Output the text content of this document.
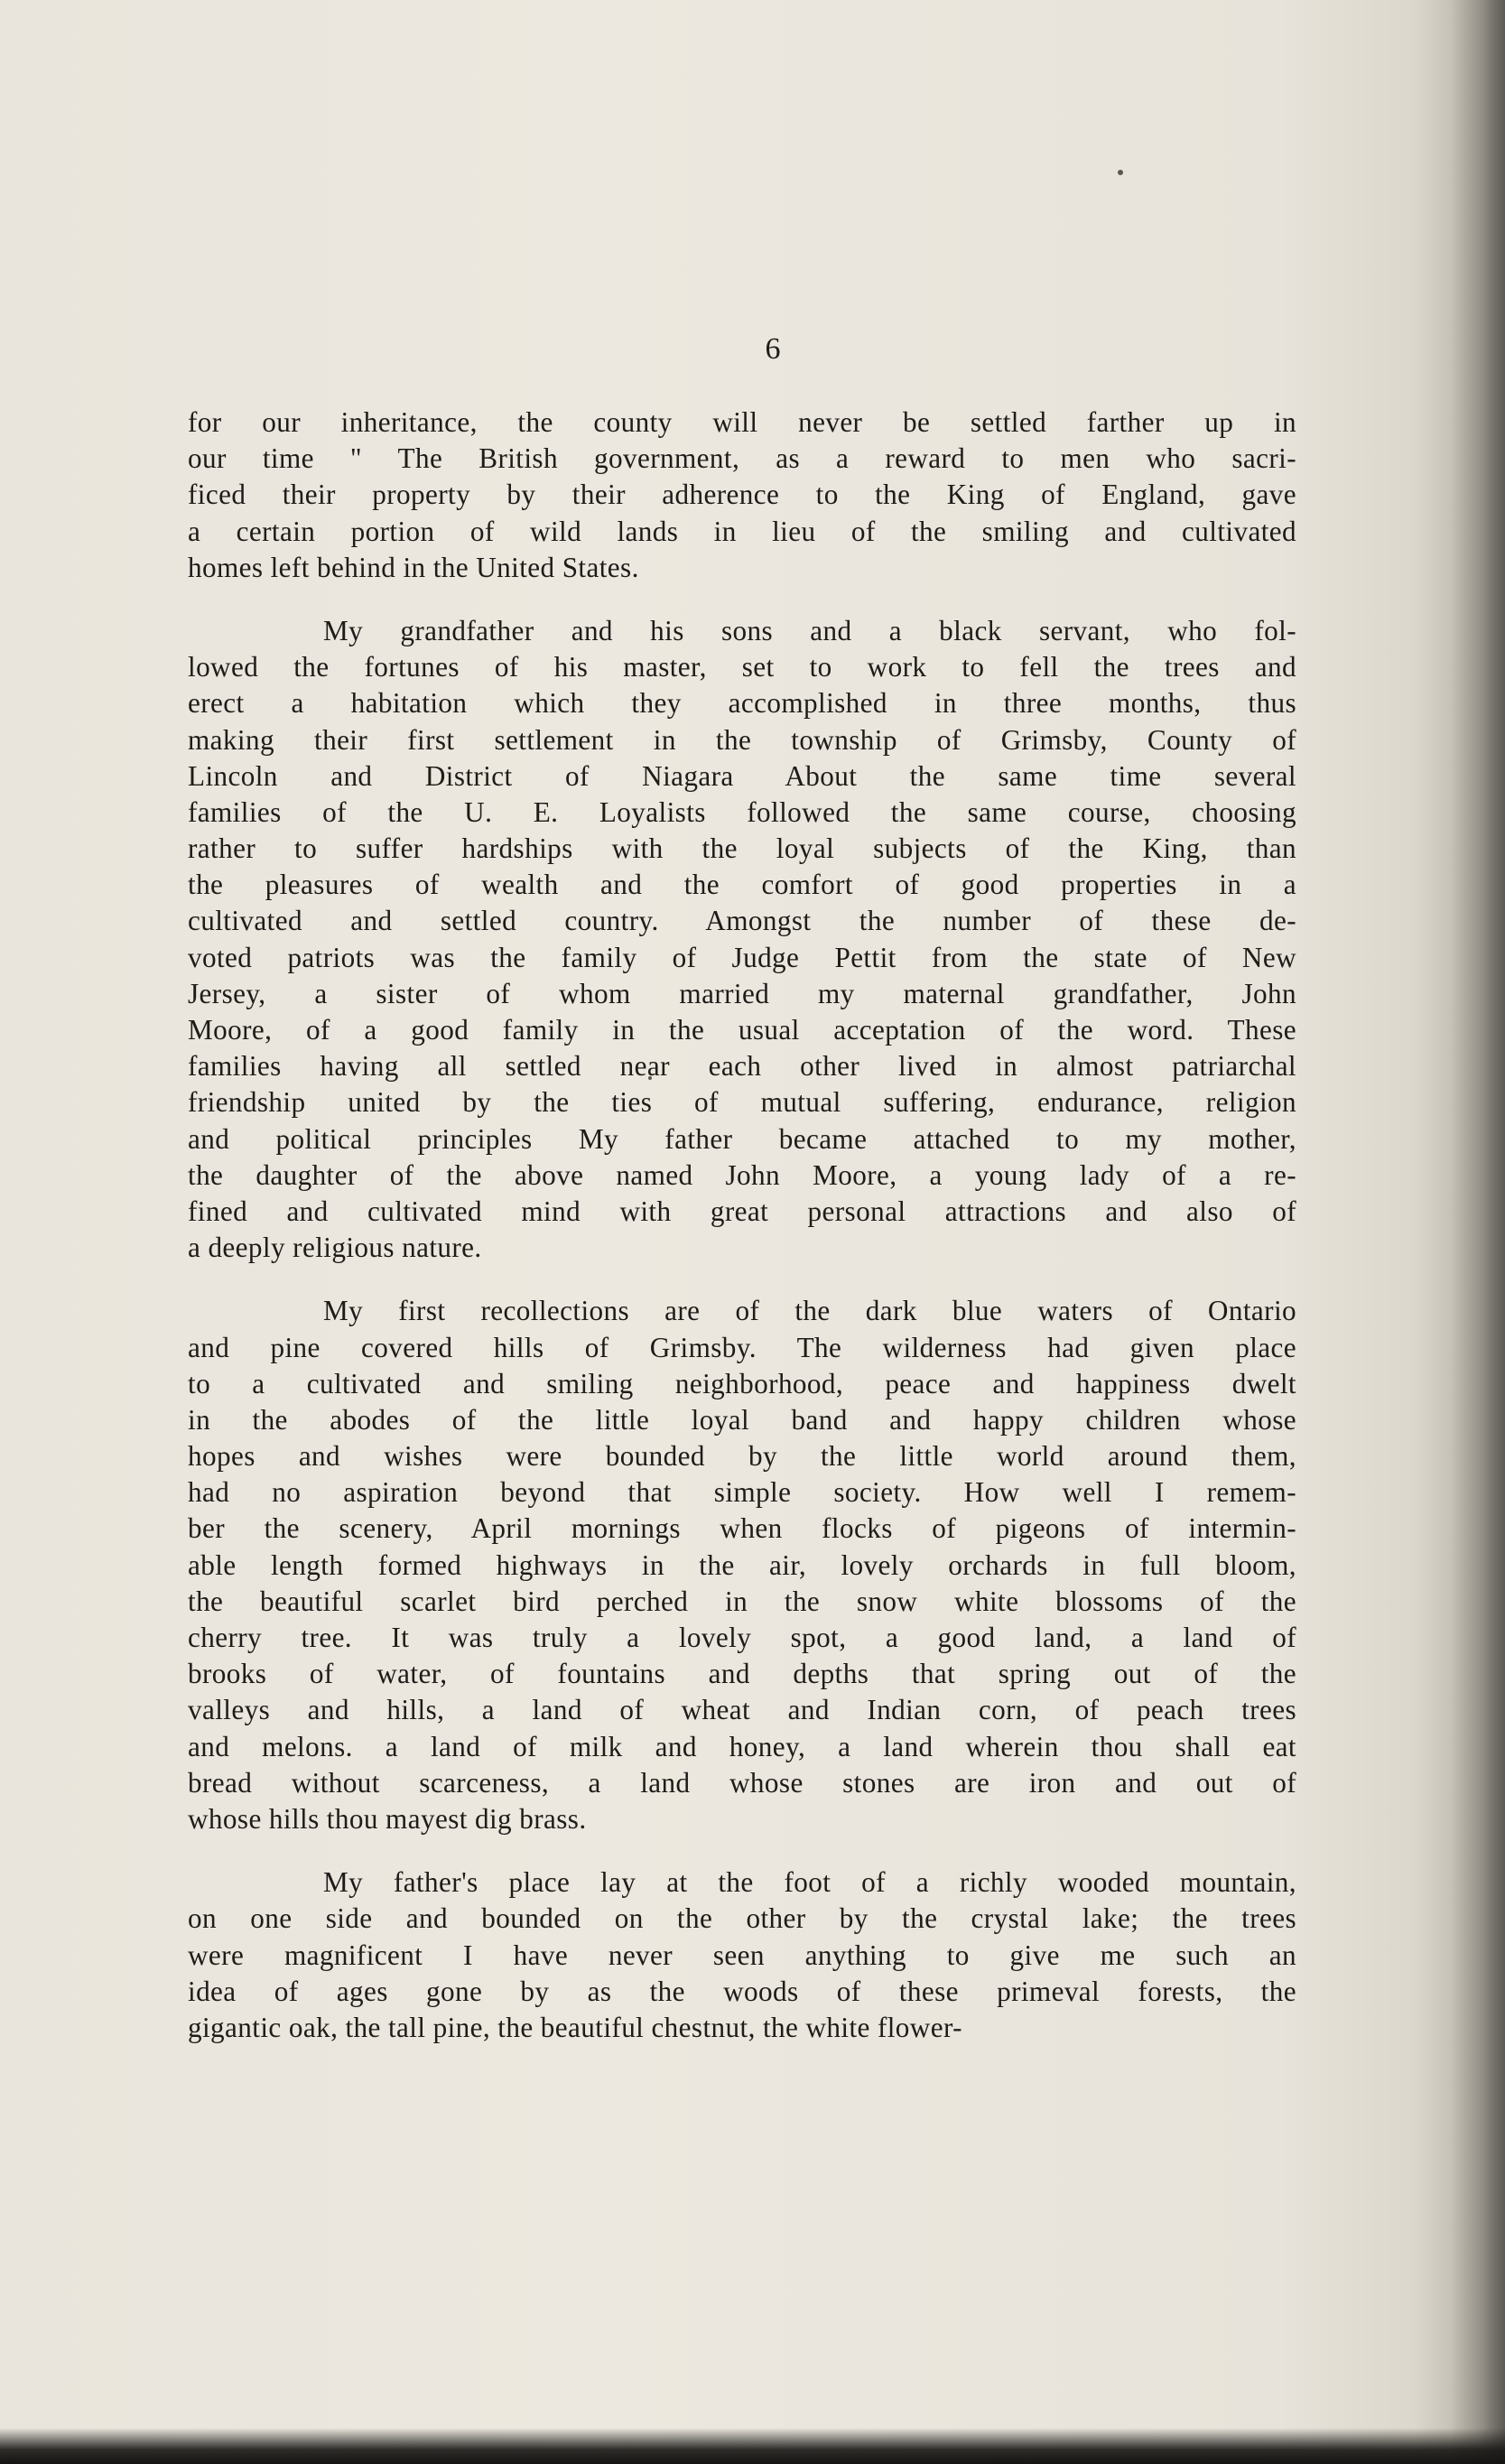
6
for our inheritance, the county will never be settled farther up in
our time " The British government, as a reward to men who sacri-
ficed their property by their adherence to the King of England, gave
a certain portion of wild lands in lieu of the smiling and cultivated
homes left behind in the United States.
My grandfather and his sons and a black servant, who fol-
lowed the fortunes of his master, set to work to fell the trees and
erect a habitation which they accomplished in three months, thus
making their first settlement in the township of Grimsby, County of
Lincoln and District of Niagara About the same time several
families of the U. E. Loyalists followed the same course, choosing
rather to suffer hardships with the loyal subjects of the King, than
the pleasures of wealth and the comfort of good properties in a
cultivated and settled country. Amongst the number of these de-
voted patriots was the family of Judge Pettit from the state of New
Jersey, a sister of whom married my maternal grandfather, John
Moore, of a good family in the usual acceptation of the word. These
families having all settled near each other lived in almost patriarchal
friendship united by the ties of mutual suffering, endurance, religion
and political principles My father became attached to my mother,
the daughter of the above named John Moore, a young lady of a re-
fined and cultivated mind with great personal attractions and also of
a deeply religious nature.
My first recollections are of the dark blue waters of Ontario
and pine covered hills of Grimsby. The wilderness had given place
to a cultivated and smiling neighborhood, peace and happiness dwelt
in the abodes of the little loyal band and happy children whose
hopes and wishes were bounded by the little world around them,
had no aspiration beyond that simple society. How well I remem-
ber the scenery, April mornings when flocks of pigeons of intermin-
able length formed highways in the air, lovely orchards in full bloom,
the beautiful scarlet bird perched in the snow white blossoms of the
cherry tree. It was truly a lovely spot, a good land, a land of
brooks of water, of fountains and depths that spring out of the
valleys and hills, a land of wheat and Indian corn, of peach trees
and melons. a land of milk and honey, a land wherein thou shall eat
bread without scarceness, a land whose stones are iron and out of
whose hills thou mayest dig brass.
My father's place lay at the foot of a richly wooded mountain,
on one side and bounded on the other by the crystal lake; the trees
were magnificent I have never seen anything to give me such an
idea of ages gone by as the woods of these primeval forests, the
gigantic oak, the tall pine, the beautiful chestnut, the white flower-
